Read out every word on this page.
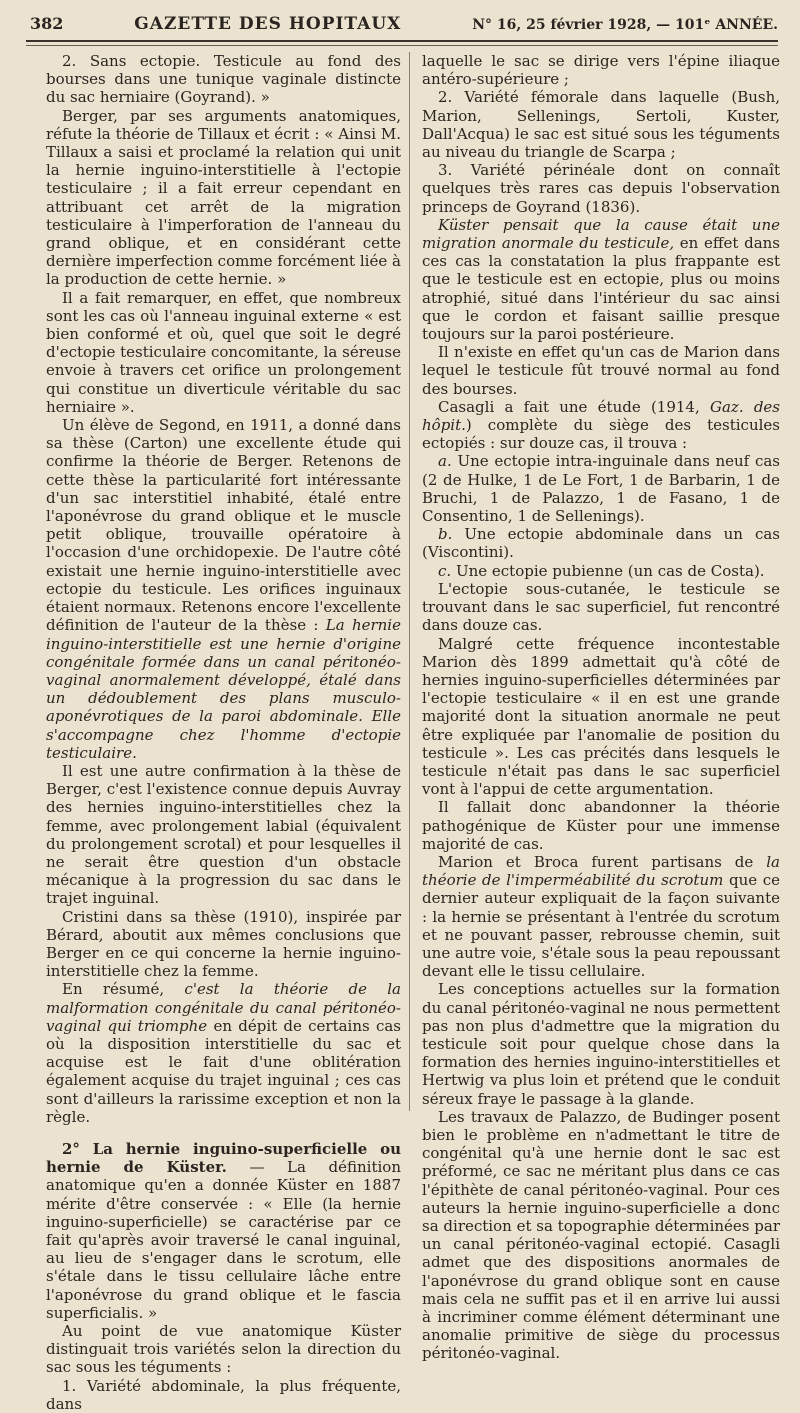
382	GAZETTE DES HOPITAUX	N° 16, 25 février 1928, — 101ᵉ ANNÉE.

2. Sans ectopie. Testicule au fond des bourses dans une tunique vaginale distincte du sac herniaire (Goyrand). »

Berger, par ses arguments anatomiques, réfute la théorie de Tillaux et écrit : « Ainsi M. Tillaux a saisi et proclamé la relation qui unit la hernie inguino-interstitielle à l'ectopie testiculaire ; il a fait erreur cependant en attribuant cet arrêt de la migration testiculaire à l'imperforation de l'anneau du grand oblique, et en considérant cette dernière imperfection comme forcément liée à la production de cette hernie. »

Il a fait remarquer, en effet, que nombreux sont les cas où l'anneau inguinal externe « est bien conformé et où, quel que soit le degré d'ectopie testiculaire concomitante, la séreuse envoie à travers cet orifice un prolongement qui constitue un diverticule véritable du sac herniaire ».

Un élève de Segond, en 1911, a donné dans sa thèse (Carton) une excellente étude qui confirme la théorie de Berger. Retenons de cette thèse la particularité fort intéressante d'un sac interstitiel inhabité, étalé entre l'aponévrose du grand oblique et le muscle petit oblique, trouvaille opératoire à l'occasion d'une orchidopexie. De l'autre côté existait une hernie inguino-interstitielle avec ectopie du testicule. Les orifices inguinaux étaient normaux. Retenons encore l'excellente définition de l'auteur de la thèse : La hernie inguino-interstitielle est une hernie d'origine congénitale formée dans un canal péritonéo-vaginal anormalement développé, étalé dans un dédoublement des plans musculo-aponévrotiques de la paroi abdominale. Elle s'accompagne chez l'homme d'ectopie testiculaire.

Il est une autre confirmation à la thèse de Berger, c'est l'existence connue depuis Auvray des hernies inguino-interstitielles chez la femme, avec prolongement labial (équivalent du prolongement scrotal) et pour lesquelles il ne serait être question d'un obstacle mécanique à la progression du sac dans le trajet inguinal.

Cristini dans sa thèse (1910), inspirée par Bérard, aboutit aux mêmes conclusions que Berger en ce qui concerne la hernie inguino-interstitielle chez la femme.

En résumé, c'est la théorie de la malformation congénitale du canal péritonéo-vaginal qui triomphe en dépit de certains cas où la disposition interstitielle du sac et acquise est le fait d'une oblitération également acquise du trajet inguinal ; ces cas sont d'ailleurs la rarissime exception et non la règle.

2° La hernie inguino-superficielle ou hernie de Küster. — La définition anatomique qu'en a donnée Küster en 1887 mérite d'être conservée : « Elle (la hernie inguino-superficielle) se caractérise par ce fait qu'après avoir traversé le canal inguinal, au lieu de s'engager dans le scrotum, elle s'étale dans le tissu cellulaire lâche entre l'aponévrose du grand oblique et le fascia superficialis. »

Au point de vue anatomique Küster distinguait trois variétés selon la direction du sac sous les téguments :

1. Variété abdominale, la plus fréquente, dans

laquelle le sac se dirige vers l'épine iliaque antéro-supérieure ;

2. Variété fémorale dans laquelle (Bush, Marion, Sellenings, Sertoli, Kuster, Dall'Acqua) le sac est situé sous les téguments au niveau du triangle de Scarpa ;

3. Variété périnéale dont on connaît quelques très rares cas depuis l'observation princeps de Goyrand (1836).

Küster pensait que la cause était une migration anormale du testicule, en effet dans ces cas la constatation la plus frappante est que le testicule est en ectopie, plus ou moins atrophié, situé dans l'intérieur du sac ainsi que le cordon et faisant saillie presque toujours sur la paroi postérieure.

Il n'existe en effet qu'un cas de Marion dans lequel le testicule fût trouvé normal au fond des bourses.

Casagli a fait une étude (1914, Gaz. des hôpit.) complète du siège des testicules ectopiés : sur douze cas, il trouva :

a. Une ectopie intra-inguinale dans neuf cas (2 de Hulke, 1 de Le Fort, 1 de Barbarin, 1 de Bruchi, 1 de Palazzo, 1 de Fasano, 1 de Consentino, 1 de Sellenings).

b. Une ectopie abdominale dans un cas (Viscontini).

c. Une ectopie pubienne (un cas de Costa).

L'ectopie sous-cutanée, le testicule se trouvant dans le sac superficiel, fut rencontré dans douze cas.

Malgré cette fréquence incontestable Marion dès 1899 admettait qu'à côté de hernies inguino-superficielles déterminées par l'ectopie testiculaire « il en est une grande majorité dont la situation anormale ne peut être expliquée par l'anomalie de position du testicule ». Les cas précités dans lesquels le testicule n'était pas dans le sac superficiel vont à l'appui de cette argumentation.

Il fallait donc abandonner la théorie pathogénique de Küster pour une immense majorité de cas.

Marion et Broca furent partisans de la théorie de l'imperméabilité du scrotum que ce dernier auteur expliquait de la façon suivante : la hernie se présentant à l'entrée du scrotum et ne pouvant passer, rebrousse chemin, suit une autre voie, s'étale sous la peau repoussant devant elle le tissu cellulaire.

Les conceptions actuelles sur la formation du canal péritonéo-vaginal ne nous permettent pas non plus d'admettre que la migration du testicule soit pour quelque chose dans la formation des hernies inguino-interstitielles et Hertwig va plus loin et prétend que le conduit séreux fraye le passage à la glande.

Les travaux de Palazzo, de Budinger posent bien le problème en n'admettant le titre de congénital qu'à une hernie dont le sac est préformé, ce sac ne méritant plus dans ce cas l'épithète de canal péritonéo-vaginal. Pour ces auteurs la hernie inguino-superficielle a donc sa direction et sa topographie déterminées par un canal péritonéo-vaginal ectopié. Casagli admet que des dispositions anormales de l'aponévrose du grand oblique sont en cause mais cela ne suffit pas et il en arrive lui aussi à incriminer comme élément déterminant une anomalie primitive de siège du processus péritonéo-vaginal.
